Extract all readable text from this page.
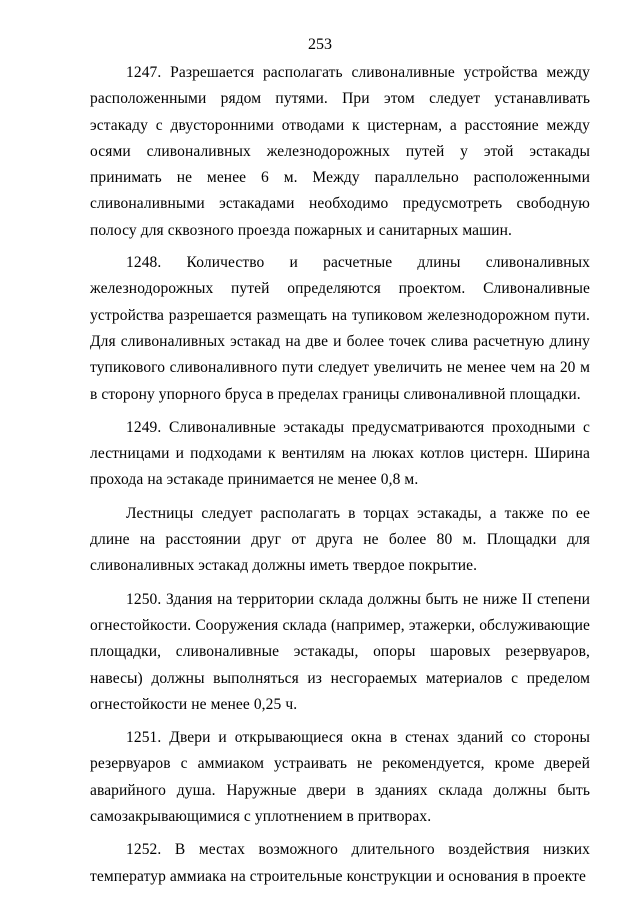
253

1247. Разрешается располагать сливоналивные устройства между расположенными рядом путями. При этом следует устанавливать эстакаду с двусторонними отводами к цистернам, а расстояние между осями сливоналивных железнодорожных путей у этой эстакады принимать не менее 6 м. Между параллельно расположенными сливоналивными эстакадами необходимо предусмотреть свободную полосу для сквозного проезда пожарных и санитарных машин.

1248. Количество и расчетные длины сливоналивных железнодорожных путей определяются проектом. Сливоналивные устройства разрешается размещать на тупиковом железнодорожном пути. Для сливоналивных эстакад на две и более точек слива расчетную длину тупикового сливоналивного пути следует увеличить не менее чем на 20 м в сторону упорного бруса в пределах границы сливоналивной площадки.

1249. Сливоналивные эстакады предусматриваются проходными с лестницами и подходами к вентилям на люках котлов цистерн. Ширина прохода на эстакаде принимается не менее 0,8 м.

Лестницы следует располагать в торцах эстакады, а также по ее длине на расстоянии друг от друга не более 80 м. Площадки для сливоналивных эстакад должны иметь твердое покрытие.

1250. Здания на территории склада должны быть не ниже II степени огнестойкости. Сооружения склада (например, этажерки, обслуживающие площадки, сливоналивные эстакады, опоры шаровых резервуаров, навесы) должны выполняться из несгораемых материалов с пределом огнестойкости не менее 0,25 ч.

1251. Двери и открывающиеся окна в стенах зданий со стороны резервуаров с аммиаком устраивать не рекомендуется, кроме дверей аварийного душа. Наружные двери в зданиях склада должны быть самозакрывающимися с уплотнением в притворах.

1252. В местах возможного длительного воздействия низких температур аммиака на строительные конструкции и основания в проекте
